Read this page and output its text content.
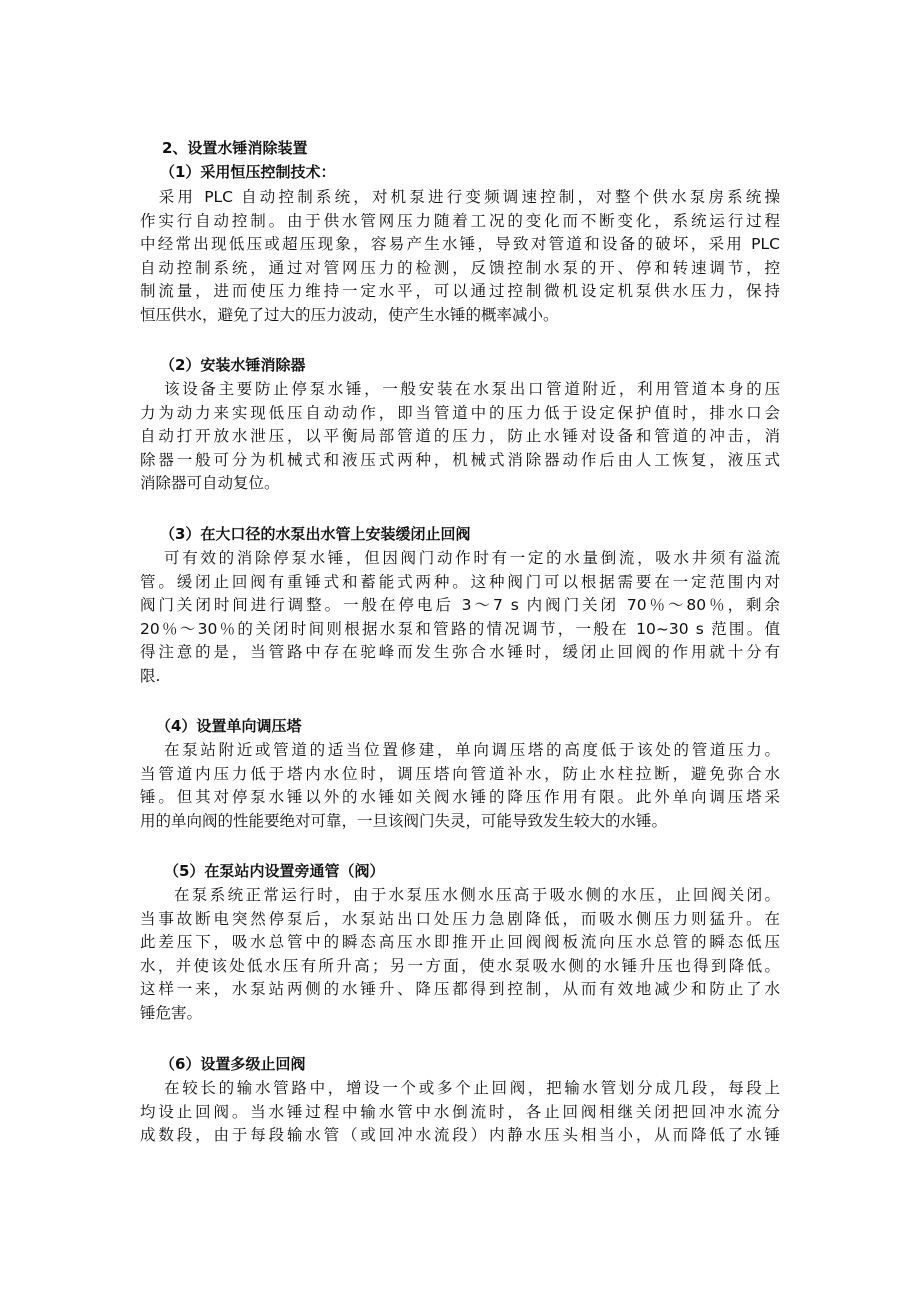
2、设置水锤消除装置
（1）采用恒压控制技术：
　采用 PLC 自动控制系统，对机泵进行变频调速控制，对整个供水泵房系统操
作实行自动控制。由于供水管网压力随着工况的变化而不断变化，系统运行过程
中经常出现低压或超压现象，容易产生水锤，导致对管道和设备的破坏，采用 PLC
自动控制系统，通过对管网压力的检测，反馈控制水泵的开、停和转速调节，控
制流量，进而使压力维持一定水平，可以通过控制微机设定机泵供水压力，保持
恒压供水，避免了过大的压力波动，使产生水锤的概率减小。
（2）安装水锤消除器
该设备主要防止停泵水锤，一般安装在水泵出口管道附近，利用管道本身的压
力为动力来实现低压自动动作，即当管道中的压力低于设定保护值时，排水口会
自动打开放水泄压，以平衡局部管道的压力，防止水锤对设备和管道的冲击，消
除器一般可分为机械式和液压式两种，机械式消除器动作后由人工恢复，液压式
消除器可自动复位。
（3）在大口径的水泵出水管上安装缓闭止回阀
可有效的消除停泵水锤，但因阀门动作时有一定的水量倒流，吸水井须有溢流
管。缓闭止回阀有重锤式和蓄能式两种。这种阀门可以根据需要在一定范围内对
阀门关闭时间进行调整。一般在停电后 3～7 s 内阀门关闭 70％～80％，剩余
20％～30％的关闭时间则根据水泵和管路的情况调节，一般在 10~30 s 范围。值
得注意的是，当管路中存在驼峰而发生弥合水锤时，缓闭止回阀的作用就十分有
限.
（4）设置单向调压塔
在泵站附近或管道的适当位置修建，单向调压塔的高度低于该处的管道压力。
当管道内压力低于塔内水位时，调压塔向管道补水，防止水柱拉断，避免弥合水
锤。但其对停泵水锤以外的水锤如关阀水锤的降压作用有限。此外单向调压塔采
用的单向阀的性能要绝对可靠，一旦该阀门失灵，可能导致发生较大的水锤。
（5）在泵站内设置旁通管（阀）
　在泵系统正常运行时，由于水泵压水侧水压高于吸水侧的水压，止回阀关闭。
当事故断电突然停泵后，水泵站出口处压力急剧降低，而吸水侧压力则猛升。在
此差压下，吸水总管中的瞬态高压水即推开止回阀阀板流向压水总管的瞬态低压
水，并使该处低水压有所升高；另一方面，使水泵吸水侧的水锤升压也得到降低。
这样一来，水泵站两侧的水锤升、降压都得到控制，从而有效地减少和防止了水
锤危害。
（6）设置多级止回阀
在较长的输水管路中，增设一个或多个止回阀，把输水管划分成几段，每段上
均设止回阀。当水锤过程中输水管中水倒流时，各止回阀相继关闭把回冲水流分
成数段，由于每段输水管（或回冲水流段）内静水压头相当小，从而降低了水锤
